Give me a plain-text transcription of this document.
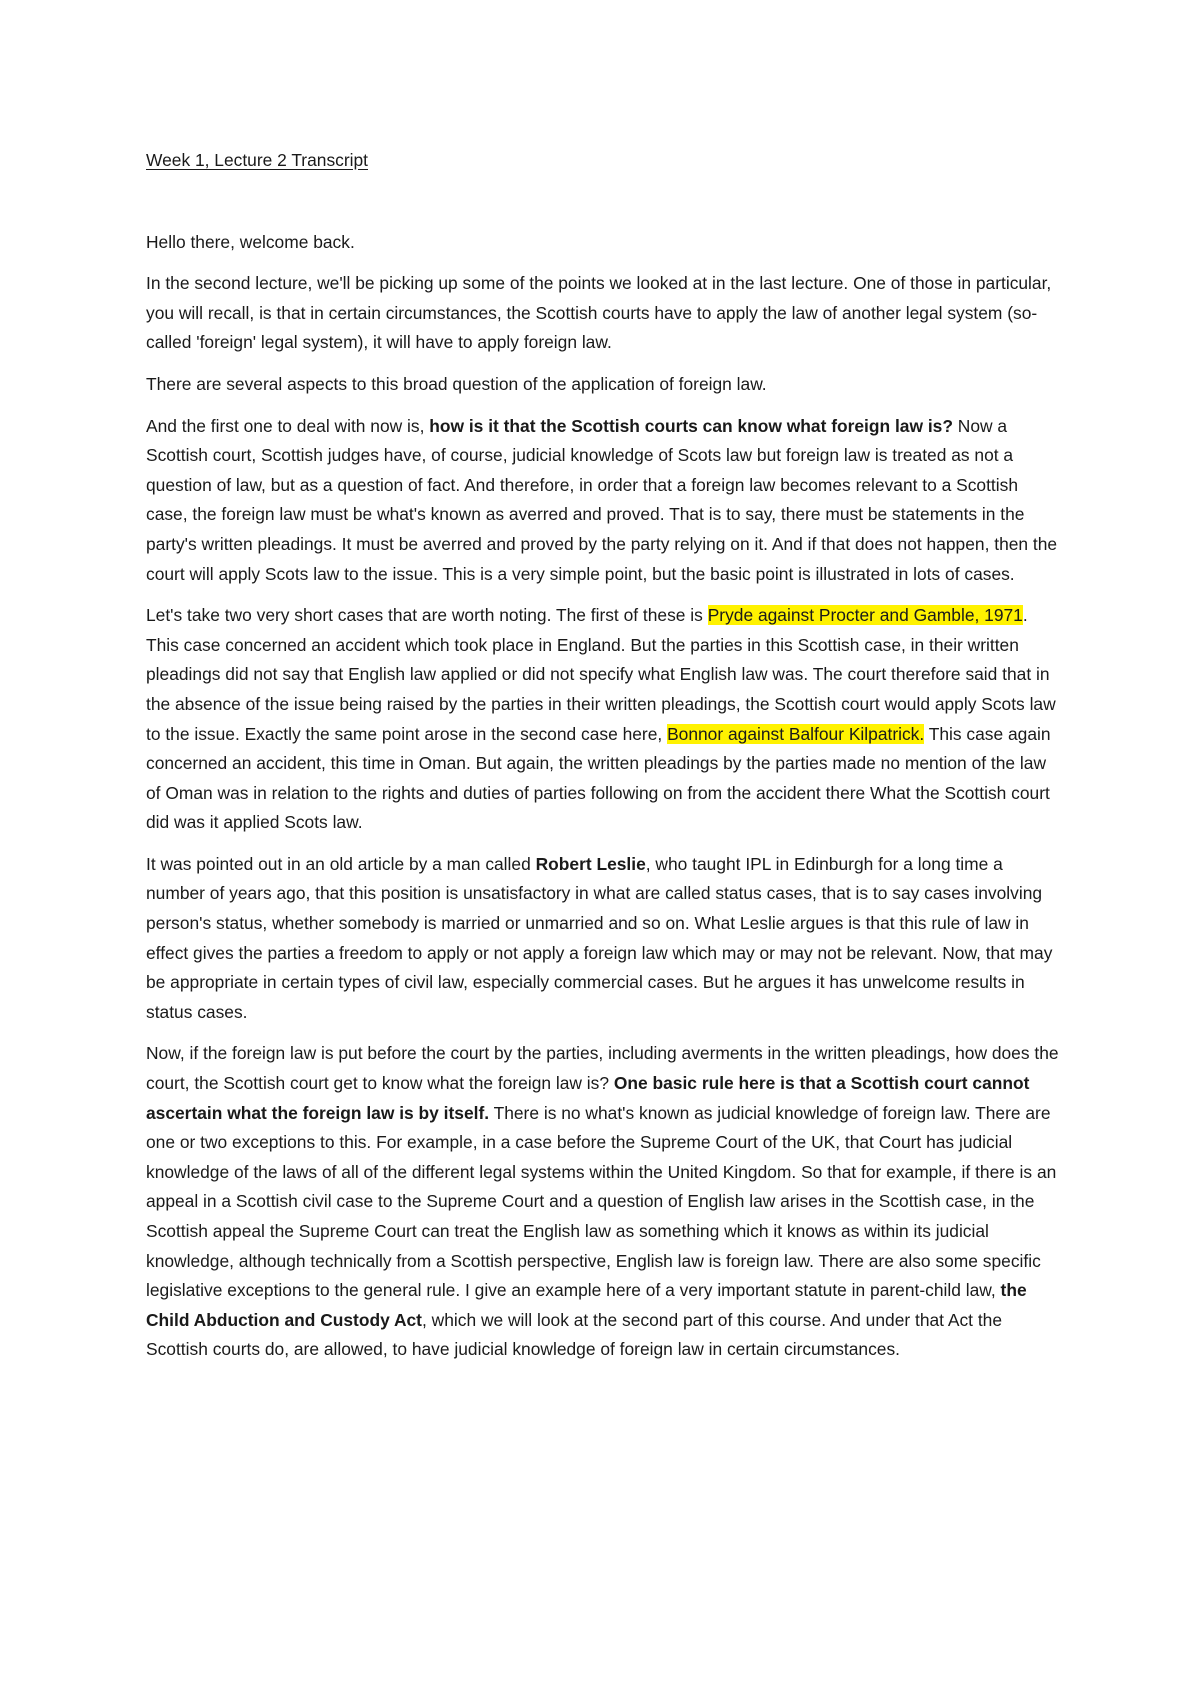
Week 1, Lecture 2 Transcript

Hello there, welcome back.

In the second lecture, we'll be picking up some of the points we looked at in the last lecture. One of those in particular, you will recall, is that in certain circumstances, the Scottish courts have to apply the law of another legal system (so-called 'foreign' legal system), it will have to apply foreign law.

There are several aspects to this broad question of the application of foreign law.

And the first one to deal with now is, how is it that the Scottish courts can know what foreign law is? Now a Scottish court, Scottish judges have, of course, judicial knowledge of Scots law but foreign law is treated as not a question of law, but as a question of fact. And therefore, in order that a foreign law becomes relevant to a Scottish case, the foreign law must be what's known as averred and proved. That is to say, there must be statements in the party's written pleadings. It must be averred and proved by the party relying on it. And if that does not happen, then the court will apply Scots law to the issue. This is a very simple point, but the basic point is illustrated in lots of cases.

Let's take two very short cases that are worth noting. The first of these is Pryde against Procter and Gamble, 1971. This case concerned an accident which took place in England. But the parties in this Scottish case, in their written pleadings did not say that English law applied or did not specify what English law was. The court therefore said that in the absence of the issue being raised by the parties in their written pleadings, the Scottish court would apply Scots law to the issue. Exactly the same point arose in the second case here, Bonnor against Balfour Kilpatrick. This case again concerned an accident, this time in Oman. But again, the written pleadings by the parties made no mention of the law of Oman was in relation to the rights and duties of parties following on from the accident there What the Scottish court did was it applied Scots law.

It was pointed out in an old article by a man called Robert Leslie, who taught IPL in Edinburgh for a long time a number of years ago, that this position is unsatisfactory in what are called status cases, that is to say cases involving person's status, whether somebody is married or unmarried and so on. What Leslie argues is that this rule of law in effect gives the parties a freedom to apply or not apply a foreign law which may or may not be relevant. Now, that may be appropriate in certain types of civil law, especially commercial cases. But he argues it has unwelcome results in status cases.

Now, if the foreign law is put before the court by the parties, including averments in the written pleadings, how does the court, the Scottish court get to know what the foreign law is? One basic rule here is that a Scottish court cannot ascertain what the foreign law is by itself. There is no what's known as judicial knowledge of foreign law. There are one or two exceptions to this. For example, in a case before the Supreme Court of the UK, that Court has judicial knowledge of the laws of all of the different legal systems within the United Kingdom. So that for example, if there is an appeal in a Scottish civil case to the Supreme Court and a question of English law arises in the Scottish case, in the Scottish appeal the Supreme Court can treat the English law as something which it knows as within its judicial knowledge, although technically from a Scottish perspective, English law is foreign law. There are also some specific legislative exceptions to the general rule. I give an example here of a very important statute in parent-child law, the Child Abduction and Custody Act, which we will look at the second part of this course. And under that Act the Scottish courts do, are allowed, to have judicial knowledge of foreign law in certain circumstances.
